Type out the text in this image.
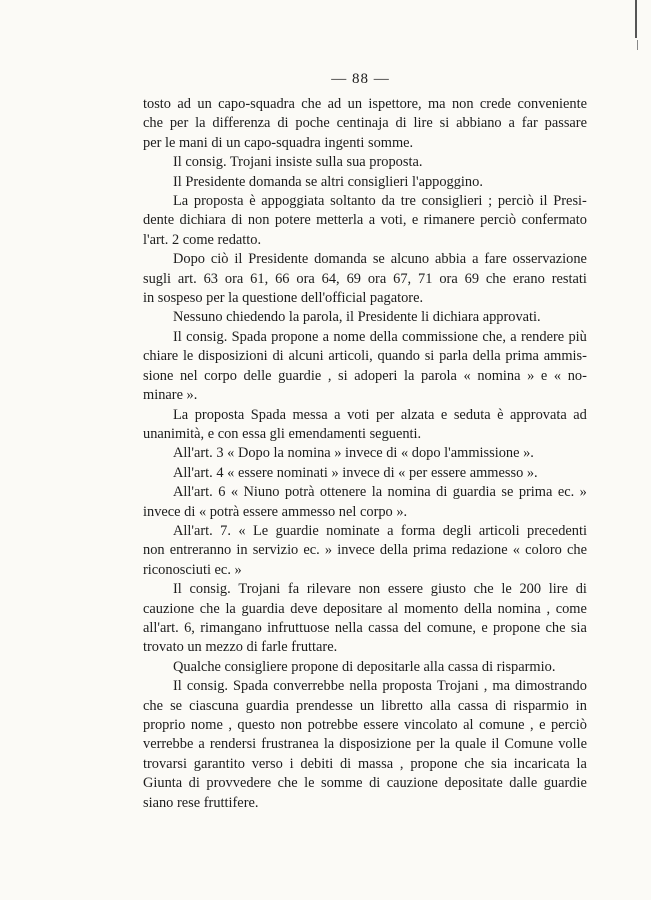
— 88 —
tosto ad un capo-squadra che ad un ispettore, ma non crede conveniente
che per la differenza di poche centinaja di lire si abbiano a far passare
per le mani di un capo-squadra ingenti somme.
Il consig. Trojani insiste sulla sua proposta.
Il Presidente domanda se altri consiglieri l'appoggino.
La proposta è appoggiata soltanto da tre consiglieri ; perciò il Presi-
dente dichiara di non potere metterla a voti, e rimanere perciò confermato
l'art. 2 come redatto.
Dopo ciò il Presidente domanda se alcuno abbia a fare osservazione
sugli art. 63 ora 61, 66 ora 64, 69 ora 67, 71 ora 69 che erano restati
in sospeso per la questione dell'official pagatore.
Nessuno chiedendo la parola, il Presidente li dichiara approvati.
Il consig. Spada propone a nome della commissione che, a rendere più
chiare le disposizioni di alcuni articoli, quando si parla della prima ammis-
sione nel corpo delle guardie , si adoperi la parola « nomina » e « no-
minare ».
La proposta Spada messa a voti per alzata e seduta è approvata ad
unanimità, e con essa gli emendamenti seguenti.
All'art. 3 « Dopo la nomina » invece di « dopo l'ammissione ».
All'art. 4 « essere nominati » invece di « per essere ammesso ».
All'art. 6 « Niuno potrà ottenere la nomina di guardia se prima ec. »
invece di « potrà essere ammesso nel corpo ».
All'art. 7. « Le guardie nominate a forma degli articoli precedenti
non entreranno in servizio ec. » invece della prima redazione « coloro che
riconosciuti ec. »
Il consig. Trojani fa rilevare non essere giusto che le 200 lire di
cauzione che la guardia deve depositare al momento della nomina , come
all'art. 6, rimangano infruttuose nella cassa del comune, e propone che sia
trovato un mezzo di farle fruttare.
Qualche consigliere propone di depositarle alla cassa di risparmio.
Il consig. Spada converrebbe nella proposta Trojani , ma dimostrando
che se ciascuna guardia prendesse un libretto alla cassa di risparmio in
proprio nome , questo non potrebbe essere vincolato al comune , e perciò
verrebbe a rendersi frustranea la disposizione per la quale il Comune volle
trovarsi garantito verso i debiti di massa , propone che sia incaricata la
Giunta di provvedere che le somme di cauzione depositate dalle guardie
siano rese fruttifere.
